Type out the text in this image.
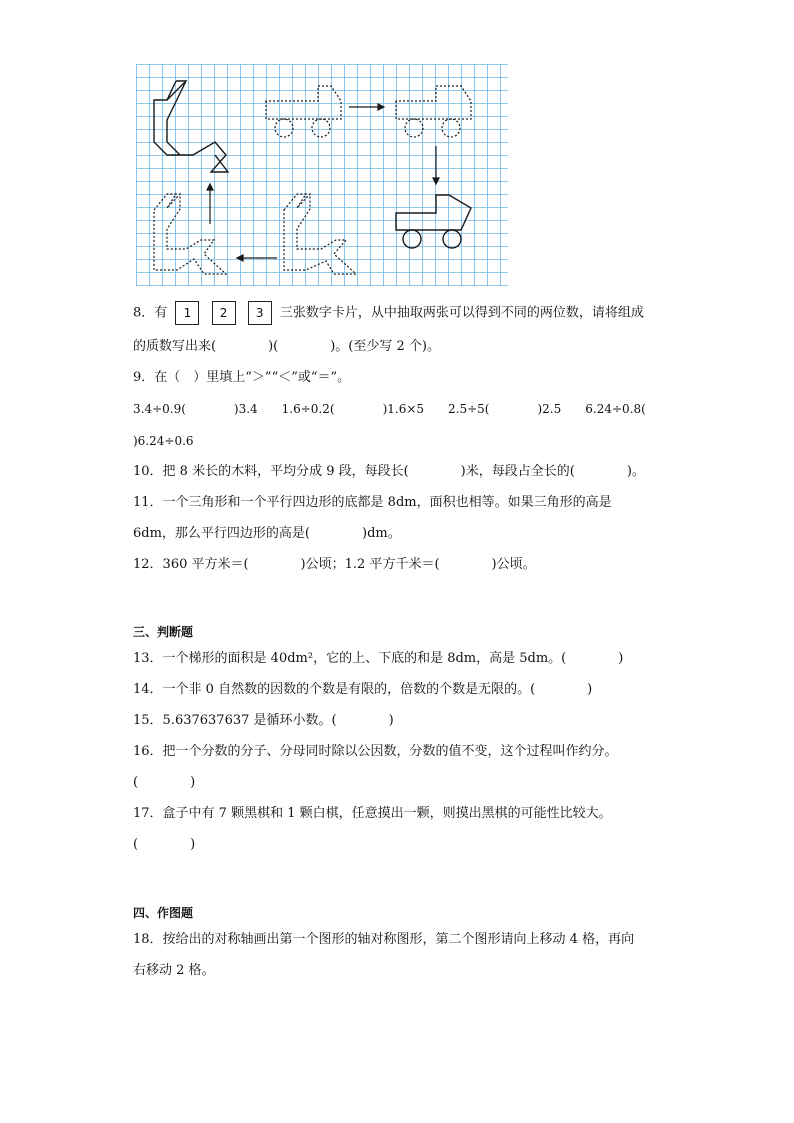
8．有 1 2 3 三张数字卡片，从中抽取两张可以得到不同的两位数，请将组成
的质数写出来(　　　　)(　　　　)。(至少写 2 个)。
9．在（　）里填上“＞”“＜”或“＝”。
3.4÷0.9(　　　　)3.4　　1.6÷0.2(　　　　)1.6×5　　2.5÷5(　　　　)2.5　　6.24÷0.8(
)6.24÷0.6
10．把 8 米长的木料，平均分成 9 段，每段长(　　　　)米，每段占全长的(　　　　)。
11．一个三角形和一个平行四边形的底都是 8dm，面积也相等。如果三角形的高是
6dm，那么平行四边形的高是(　　　　)dm。
12．360 平方米＝(　　　　)公顷；1.2 平方千米＝(　　　　)公顷。
三、判断题
13．一个梯形的面积是 40dm²，它的上、下底的和是 8dm，高是 5dm。(　　　　)
14．一个非 0 自然数的因数的个数是有限的，倍数的个数是无限的。(　　　　)
15．5.637637637 是循环小数。(　　　　)
16．把一个分数的分子、分母同时除以公因数，分数的值不变，这个过程叫作约分。
(　　　　)
17．盒子中有 7 颗黑棋和 1 颗白棋，任意摸出一颗，则摸出黑棋的可能性比较大。
(　　　　)
四、作图题
18．按给出的对称轴画出第一个图形的轴对称图形，第二个图形请向上移动 4 格，再向
右移动 2 格。
